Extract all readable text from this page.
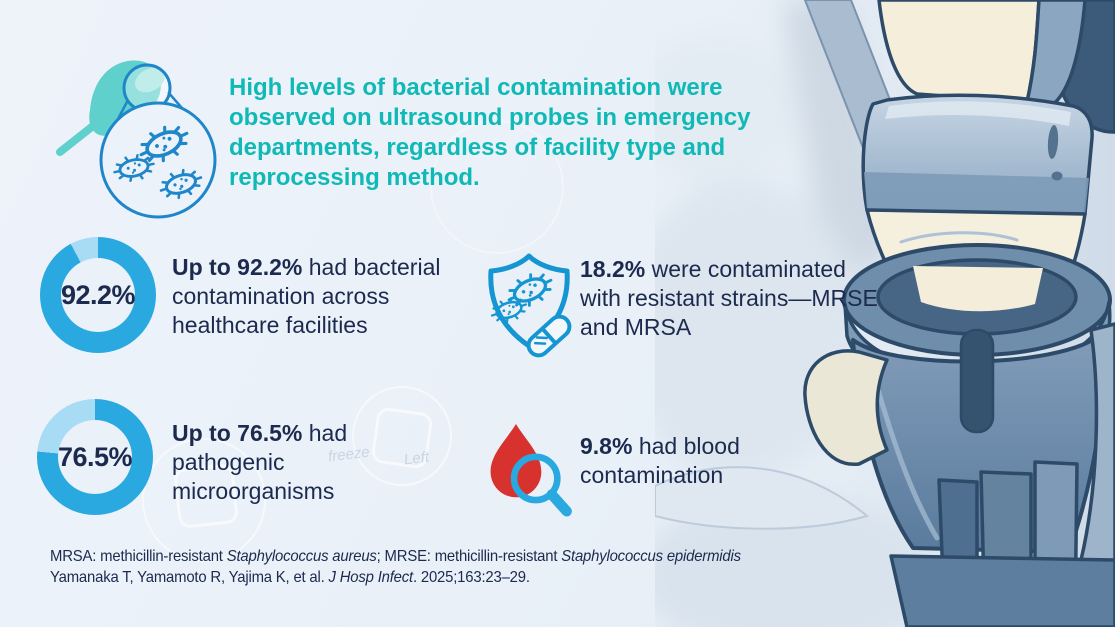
freeze Left

High levels of bacterial contamination were observed on ultrasound probes in emergency departments, regardless of facility type and reprocessing method.

92.2%

Up to 92.2% had bacterial contamination across healthcare facilities

18.2% were contaminated with resistant strains—MRSE and MRSA

76.5%

Up to 76.5% had pathogenic microorganisms

9.8% had blood contamination

MRSA: methicillin-resistant Staphylococcus aureus; MRSE: methicillin-resistant Staphylococcus epidermidis

Yamanaka T, Yamamoto R, Yajima K, et al. J Hosp Infect. 2025;163:23–29.
